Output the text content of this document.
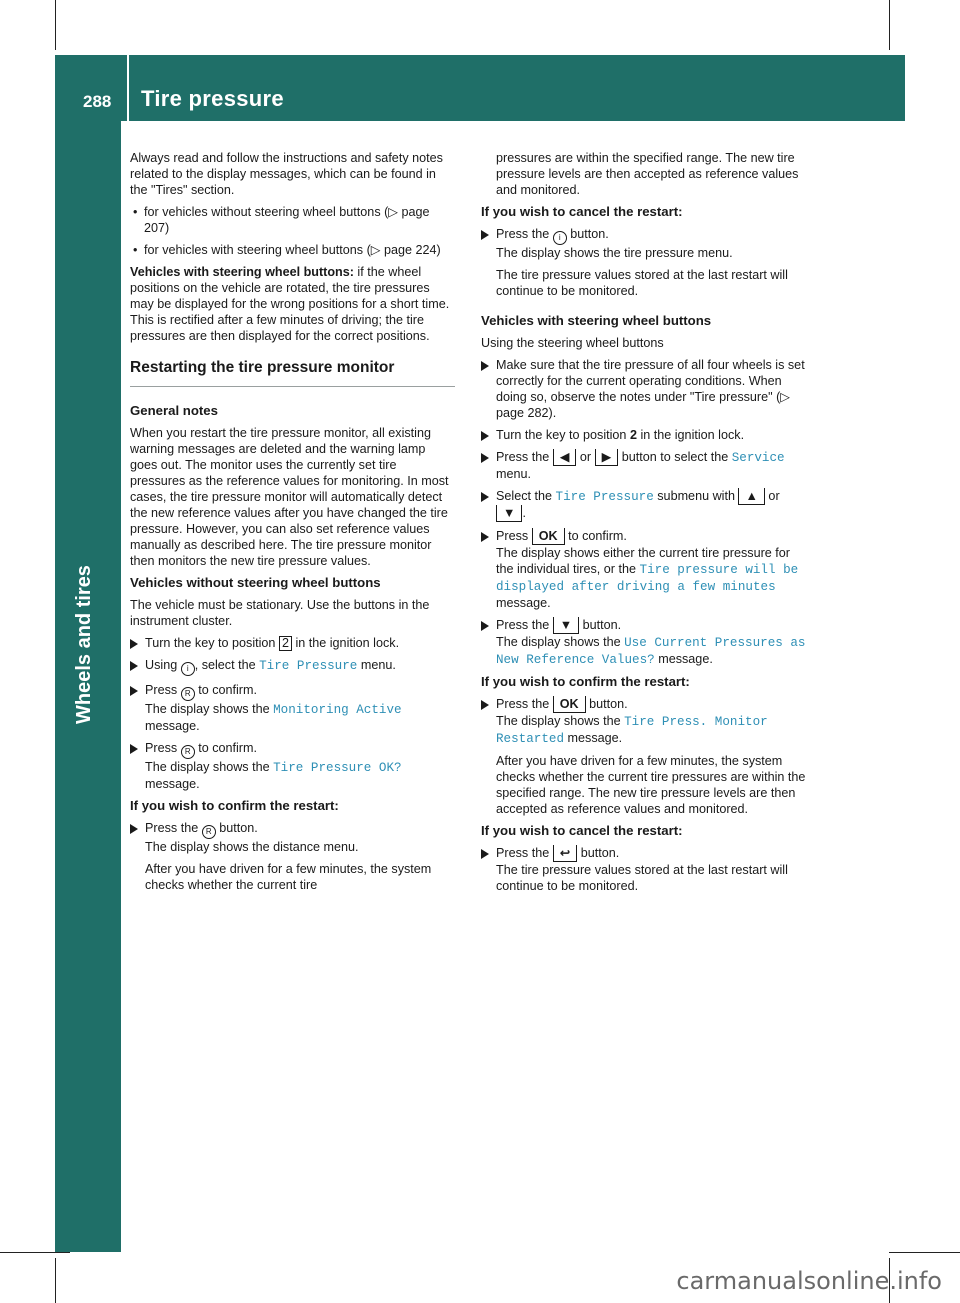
288 Tire pressure
Wheels and tires

Always read and follow the instructions and safety notes related to the display messages, which can be found in the "Tires" section.

• for vehicles without steering wheel buttons (▷ page 207)
• for vehicles with steering wheel buttons (▷ page 224)

Vehicles with steering wheel buttons: if the wheel positions on the vehicle are rotated, the tire pressures may be displayed for the wrong positions for a short time. This is rectified after a few minutes of driving; the tire pressures are then displayed for the correct positions.

Restarting the tire pressure monitor
General notes

When you restart the tire pressure monitor, all existing warning messages are deleted and the warning lamp goes out. The monitor uses the currently set tire pressures as the reference values for monitoring. In most cases, the tire pressure monitor will automatically detect the new reference values after you have changed the tire pressure. However, you can also set reference values manually as described here. The tire pressure monitor then monitors the new tire pressure values.

Vehicles without steering wheel buttons

The vehicle must be stationary. Use the buttons in the instrument cluster.

Turn the key to position 2 in the ignition lock.
Using i , select the Tire Pressure menu.
Press R to confirm.
The display shows the Monitoring Active message.
Press R to confirm.
The display shows the Tire Pressure OK? message.
If you wish to confirm the restart:
Press the R button.
The display shows the distance menu.

After you have driven for a few minutes, the system checks whether the current tire

pressures are within the specified range. The new tire pressure levels are then accepted as reference values and monitored.

If you wish to cancel the restart:
Press the i button.
The display shows the tire pressure menu.

The tire pressure values stored at the last restart will continue to be monitored.

Vehicles with steering wheel buttons

Using the steering wheel buttons

Make sure that the tire pressure of all four wheels is set correctly for the current operating conditions. When doing so, observe the notes under "Tire pressure" (▷ page 282).
Turn the key to position 2 in the ignition lock.
Press the ◀ or ▶ button to select the Service menu.
Select the Tire Pressure submenu with ▲ or ▼ .
Press OK to confirm.
The display shows either the current tire pressure for the individual tires, or the Tire pressure will be displayed after driving a few minutes message.
Press the ▼ button.
The display shows the Use Current Pressures as New Reference Values? message.
If you wish to confirm the restart:
Press the OK button.
The display shows the Tire Press. Monitor Restarted message.

After you have driven for a few minutes, the system checks whether the current tire pressures are within the specified range. The new tire pressure levels are then accepted as reference values and monitored.

If you wish to cancel the restart:
Press the ↩ button.
The tire pressure values stored at the last restart will continue to be monitored.
carmanualsonline.info
